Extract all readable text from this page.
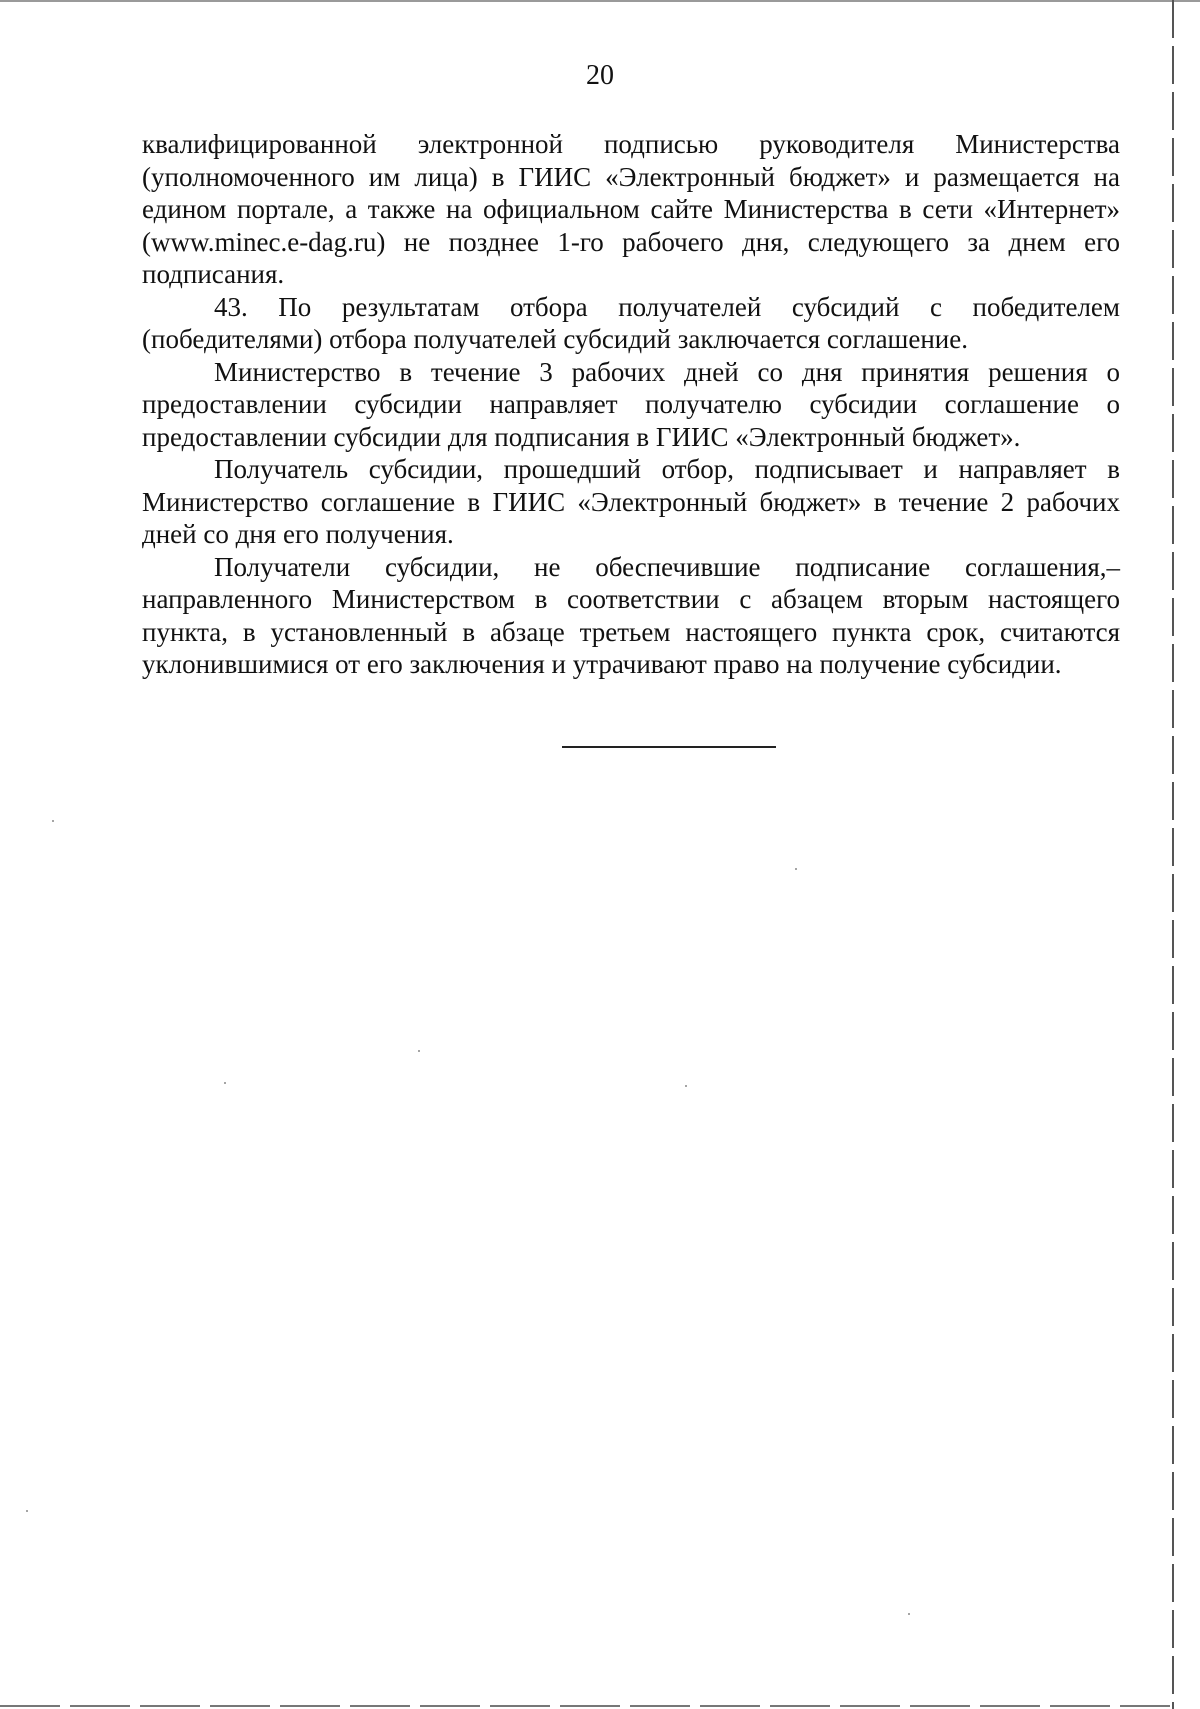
20

квалифицированной электронной подписью руководителя Министерства (уполномоченного им лица) в ГИИС «Электронный бюджет» и размещается на едином портале, а также на официальном сайте Министерства в сети «Интернет» (www.minec.e-dag.ru) не позднее 1-го рабочего дня, следующего за днем его подписания.

43. По результатам отбора получателей субсидий с победителем (победителями) отбора получателей субсидий заключается соглашение.

Министерство в течение 3 рабочих дней со дня принятия решения о предоставлении субсидии направляет получателю субсидии соглашение о предоставлении субсидии для подписания в ГИИС «Электронный бюджет».

Получатель субсидии, прошедший отбор, подписывает и направляет в Министерство соглашение в ГИИС «Электронный бюджет» в течение 2 рабочих дней со дня его получения.

Получатели субсидии, не обеспечившие подписание соглашения,– направленного Министерством в соответствии с абзацем вторым настоящего пункта, в установленный в абзаце третьем настоящего пункта срок, считаются уклонившимися от его заключения и утрачивают право на получение субсидии.
